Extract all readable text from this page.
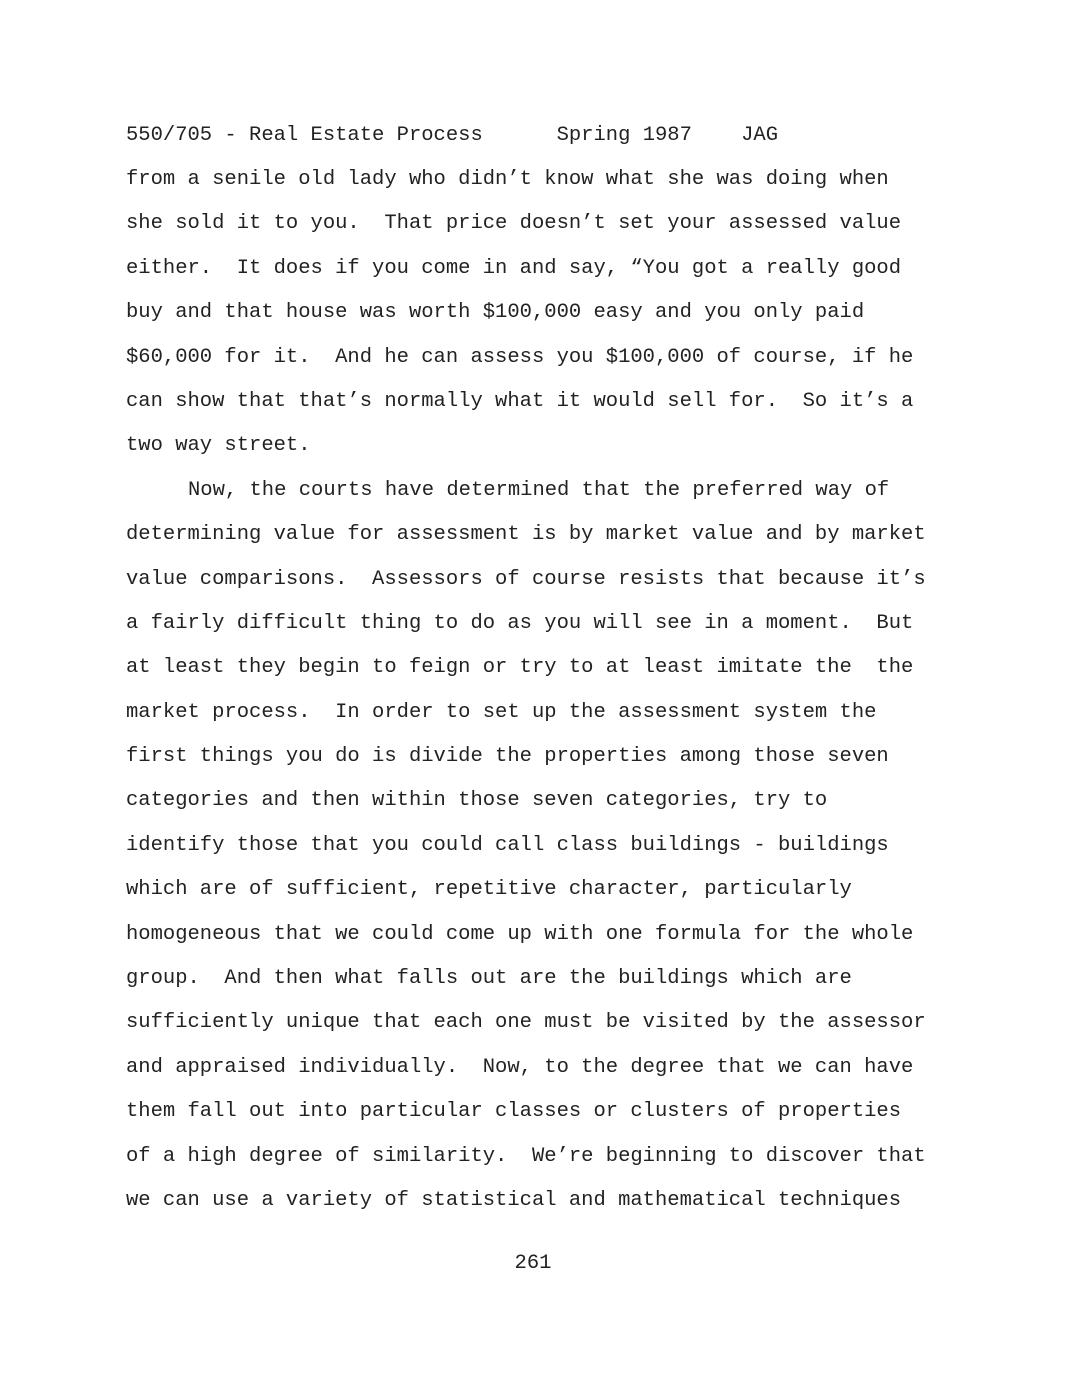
550/705 - Real Estate Process	Spring 1987 JAG
from a senile old lady who didn’t know what she was doing when
she sold it to you.  That price doesn’t set your assessed value
either.  It does if you come in and say, “You got a really good
buy and that house was worth $100,000 easy and you only paid
$60,000 for it.  And he can assess you $100,000 of course, if he
can show that that’s normally what it would sell for.  So it’s a
two way street.
Now, the courts have determined that the preferred way of
determining value for assessment is by market value and by market
value comparisons.  Assessors of course resists that because it’s
a fairly difficult thing to do as you will see in a moment.  But
at least they begin to feign or try to at least imitate the  the
market process.  In order to set up the assessment system the
first things you do is divide the properties among those seven
categories and then within those seven categories, try to
identify those that you could call class buildings - buildings
which are of sufficient, repetitive character, particularly
homogeneous that we could come up with one formula for the whole
group.  And then what falls out are the buildings which are
sufficiently unique that each one must be visited by the assessor
and appraised individually.  Now, to the degree that we can have
them fall out into particular classes or clusters of properties
of a high degree of similarity.  We’re beginning to discover that
we can use a variety of statistical and mathematical techniques
261
